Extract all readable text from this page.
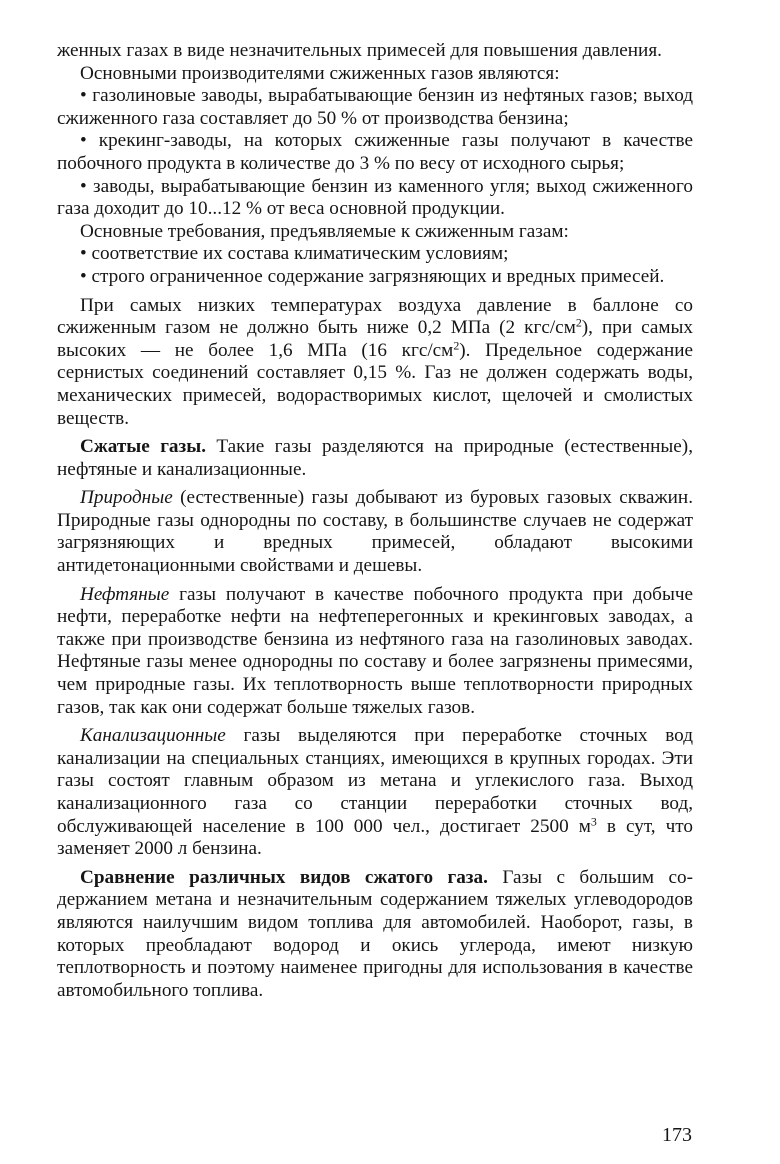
женных газах в виде незначительных примесей для повышения давления.

Основными производителями сжиженных газов являются:

• газолиновые заводы, вырабатывающие бензин из нефтяных газов; выход сжиженного газа составляет до 50 % от производства бензина;

• крекинг-заводы, на которых сжиженные газы получают в качестве побочного продукта в количестве до 3 % по весу от исходного сырья;

• заводы, вырабатывающие бензин из каменного угля; выход сжиженного газа доходит до 10...12 % от веса основной продукции.

Основные требования, предъявляемые к сжиженным газам:

• соответствие их состава климатическим условиям;

• строго ограниченное содержание загрязняющих и вредных примесей.

При самых низких температурах воздуха давление в баллоне со сжиженным газом не должно быть ниже 0,2 МПа (2 кгс/$см^2$), при самых высоких — не более 1,6 МПа (16 кгс/$см^2$). Предельное содержание сернистых соединений составляет 0,15 %. Газ не должен содержать воды, механических примесей, водорастворимых кислот, щелочей и смолистых веществ.

Сжатые газы. Такие газы разделяются на природные (естественные), нефтяные и канализационные.

Природные (естественные) газы добывают из буровых газовых скважин. Природные газы однородны по составу, в большинстве случаев не содержат загрязняющих и вредных примесей, обладают высокими антидетонационными свойствами и дешевы.

Нефтяные газы получают в качестве побочного продукта при добыче нефти, переработке нефти на нефтеперегонных и крекинговых заводах, а также при производстве бензина из нефтяного газа на газолиновых заводах. Нефтяные газы менее однородны по составу и более загрязнены примесями, чем природные газы. Их теплотворность выше теплотворности природных газов, так как они содержат больше тяжелых газов.

Канализационные газы выделяются при переработке сточных вод канализации на специальных станциях, имеющихся в крупных городах. Эти газы состоят главным образом из метана и углекислого газа. Выход канализационного газа со станции переработки сточных вод, обслуживающей население в 100 000 чел., достигает 2500 $м^3$ в сут, что заменяет 2000 л бензина.

Сравнение различных видов сжатого газа. Газы с большим содержанием метана и незначительным содержанием тяжелых углеводородов являются наилучшим видом топлива для автомобилей. Наоборот, газы, в которых преобладают водород и окись углерода, имеют низкую теплотворность и поэтому наименее пригодны для использования в качестве автомобильного топлива.

173
